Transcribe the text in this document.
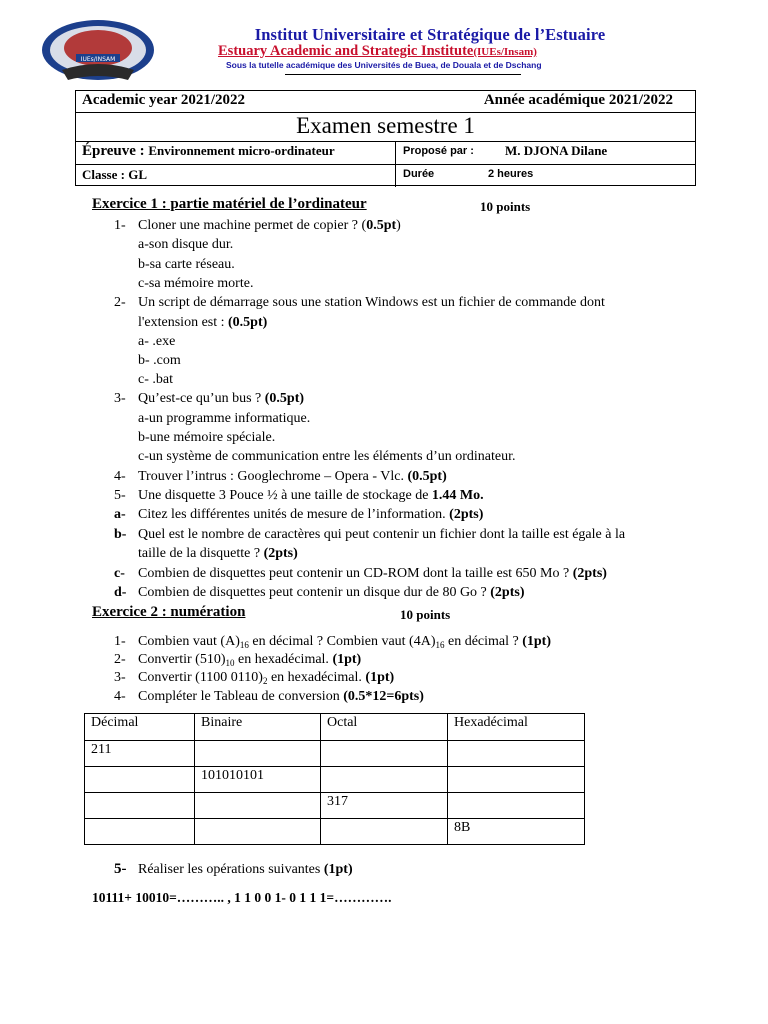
IUEs/INSAM
Institut Universitaire et Stratégique de l’Estuaire
Estuary Academic and Strategic Institute(IUEs/Insam)
Sous la tutelle académique des Universités de Buea, de Douala et de Dschang
Academic year 2021/2022	Année académique 2021/2022
Examen semestre 1
Épreuve : Environnement micro-ordinateur	Proposé par : M. DJONA Dilane
Classe : GL	Durée	2 heures
Exercice 1 : partie matériel de l’ordinateur	10 points
1- Cloner une machine permet de copier ? (0.5pt)
a-son disque dur.
b-sa carte réseau.
c-sa mémoire morte.
2- Un script de démarrage sous une station Windows est un fichier de commande dont
l'extension est : (0.5pt)
a- .exe
b- .com
c- .bat
3- Qu’est-ce qu’un bus ? (0.5pt)
a-un programme informatique.
b-une mémoire spéciale.
c-un système de communication entre les éléments d’un ordinateur.
4- Trouver l’intrus : Googlechrome – Opera - Vlc. (0.5pt)
5- Une disquette 3 Pouce ½ à une taille de stockage de 1.44 Mo.
a- Citez les différentes unités de mesure de l’information. (2pts)
b- Quel est le nombre de caractères qui peut contenir un fichier dont la taille est égale à la
taille de la disquette ? (2pts)
c- Combien de disquettes peut contenir un CD-ROM dont la taille est 650 Mo ? (2pts)
d- Combien de disquettes peut contenir un disque dur de 80 Go ? (2pts)
Exercice 2 : numération	10 points
1- Combien vaut $(A)_{16}$ en décimal ? Combien vaut $(4A)_{16}$ en décimal ? (1pt)
2- Convertir $(510)_{10}$ en hexadécimal. (1pt)
3- Convertir (1100 $0110)_2$ en hexadécimal. (1pt)
4- Compléter le Tableau de conversion (0.5*12=6pts)
Décimal	Binaire	Octal	Hexadécimal
211			
	101010101		
		317	
			8B
5- Réaliser les opérations suivantes (1pt)
10111+ 10010=……….. , 1 1 0 0 1- 0 1 1 1=………….
